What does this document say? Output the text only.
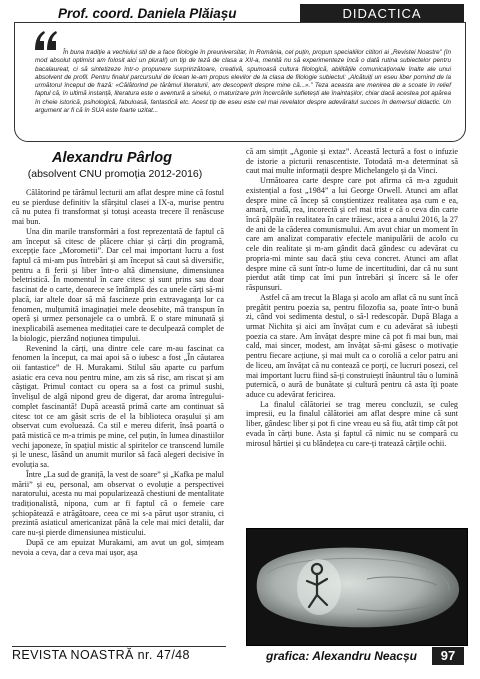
Prof. coord. Daniela Plăiașu	DIDACTICA

În buna tradiție a vechiului stil de a face filologie în preuniversitar, în România, cel puțin, propun specialiilor cititori ai „Revistei Noastre” (în mod absolut optimist am folosit aici un plural!) un tip de teză de clasa a XII-a, menită nu să experimenteze încă o dată rutina subiectelor pentru bacalaureat, ci să sintetizeze într-o propunere surprinzătoare, creativă, spumoasă cultura filologică, abilitățile comunicaționale înalte ale unui absolvent de profil. Pentru finalul parcursului de licean le-am propus elevilor de la clasa de filologie subiectul: „Alcătuiți un eseu liber pornind de la următorul început de frază: «Călătorind pe tărâmul literaturii, am descoperit despre mine că...».” Teza aceasta are menirea de a scoate în relief faptul că, în ultimă instanță, literatura este o aventură a sinelui, o maturizare prin încercările sufletești ale înaintașilor, chiar dacă acestea pot apărea în cheie istorică, psihologică, fabuloasă, fantastică etc. Acest tip de eseu este cel mai revelator despre adevăratul succes în demersul didactic. Un argument ar fi că în SUA este foarte uzitat...

Alexandru Pârlog
(absolvent CNU promoția 2012-2016)

Călătorind pe tărâmul lecturii am aflat despre mine că fostul eu se pierduse definitiv la sfârșitul clasei a IX-a, murise pentru că nu putea fi transformat și totuși aceasta trecere îl renăscuse mai bun.

Una din marile transformări a fost reprezentată de faptul că am început să citesc de plăcere chiar și cărți din programă, excepție face „Morometii”. Dar cel mai important lucru a fost faptul că mi-am pus întrebări și am început să caut să diversific, pentru a fi ferii și liber într-o altă dimensiune, dimensiunea beletristică. În momentul în care citesc și sunt prins sau doar fascinat de o carte, deoarece se întâmplă des ca unele cărți să-mi placă, iar altele doar să mă fascineze prin extravaganța lor ca fenomen, mulțumită imaginației mele deosebite, mă transpun în operă și urmez personajele ca o umbră. E o stare minunată și inexplicabilă asemenea meditației care te deculpează complet de la biologic, pierzând noțiunea timpului.

Revenind la cărți, una dintre cele care m-au fascinat ca fenomen la început, ca mai apoi să o iubesc a fost „În căutarea oii fantastice” de H. Murakami. Stilul său aparte cu parfum asiatic era ceva nou pentru mine, am zis să risc, am riscat și am câștigat. Primul contact cu opera sa a fost ca primul sushi, învelișul de algă nipond greu de digerat, dar aroma întregului-complet fascinantă! După această primă carte am continuat să citesc tot ce am găsit scris de el la biblioteca orașului și am observat cum evoluează. Ca stil e mereu diferit, însă poartă o pată mistică ce m-a trimis pe mine, cel puțin, în lumea dinastiilor vechi japoneze, în spațiul mistic al spiritelor ce transcend lumile și le unesc, lăsând un anumit murilor să facă alegeri decisive în evoluția sa.

Între „La sud de graniță, la vest de soare” și „Kafka pe malul mării” și eu, personal, am observat o evoluție a perspectivei naratorului, acesta nu mai popularizează chestiuni de mentalitate tradiționalistă, nipona, cum ar fi faptul că o femeie care șchiopătează e atrăgătoare, ceea ce mi s-a părut ușor straniu, ci prezintă asiaticul americanizat până la cele mai mici detalii, dar care nu-și pierde dimensiunea misticului.

După ce am epuizat Murakami, am avut un gol, simțeam nevoia a ceva, dar a ceva mai ușor, așa

că am simțit „Agonie și extaz”. Această lectură a fost o infuzie de istorie a picturii renascentiste. Totodată m-a determinat să caut mai multe informații despre Michelangelo și da Vinci.

Următoarea carte despre care pot afirma că m-a zguduit existențial a fost „1984” a lui George Orwell. Atunci am aflat despre mine că încep să conștientizez realitatea așa cum e ea, amară, crudă, rea, incorectă și cel mai trist e că o ceva din carte încă pâlpăie în realitatea în care trăiesc, acea a anului 2016, la 27 de ani de la căderea comunismului. Am avut chiar un moment în care am analizat comparativ efectele manipulării de acolo cu cele din realitate și m-am gândit dacă gândesc cu adevărat cu propria-mi minte sau dacă știu ceva concret. Atunci am aflat despre mine că sunt într-o lume de incertitudini, dar că nu sunt pierdut atât timp cat îmi pun întrebări și încerc să le ofer răspunsuri.

Astfel că am trecut la Blaga și acolo am aflat că nu sunt încă pregătit pentru poezia sa, pentru filozofia sa, poate într-o bună zi, când voi sedimenta destul, o să-l redescopăr. După Blaga a urmat Nichita și aici am învățat cum e cu adevărat să iubești poezia ca stare. Am învățat despre mine că pot fi mai bun, mai cald, mai sincer, modest, am învățat să-mi găsesc o motivație pentru fiecare acțiune, și mai mult ca o coroliă a celor patru ani de liceu, am învățat că nu contează ce porți, ce lucruri posezi, cel mai important lucru fiind să-ți construiești înăuntrul tău o lumină puternică, o aură de bunătate și cultură pentru că asta îți poate aduce cu adevărat fericirea.

La finalul călătoriei se trag mereu concluzii, se culeg impresii, eu la finalul călătoriei am aflat despre mine că sunt liber, gândesc liber și pot fi cine vreau eu să fiu, atât timp cât pot evada în cărți bune. Asta și faptul că nimic nu se compară cu mirosul hârtiei și cu blândețea cu care-ți tratează cărțile ochii.

REVISTA NOASTRĂ nr. 47/48	grafica: Alexandru Neacșu	97
